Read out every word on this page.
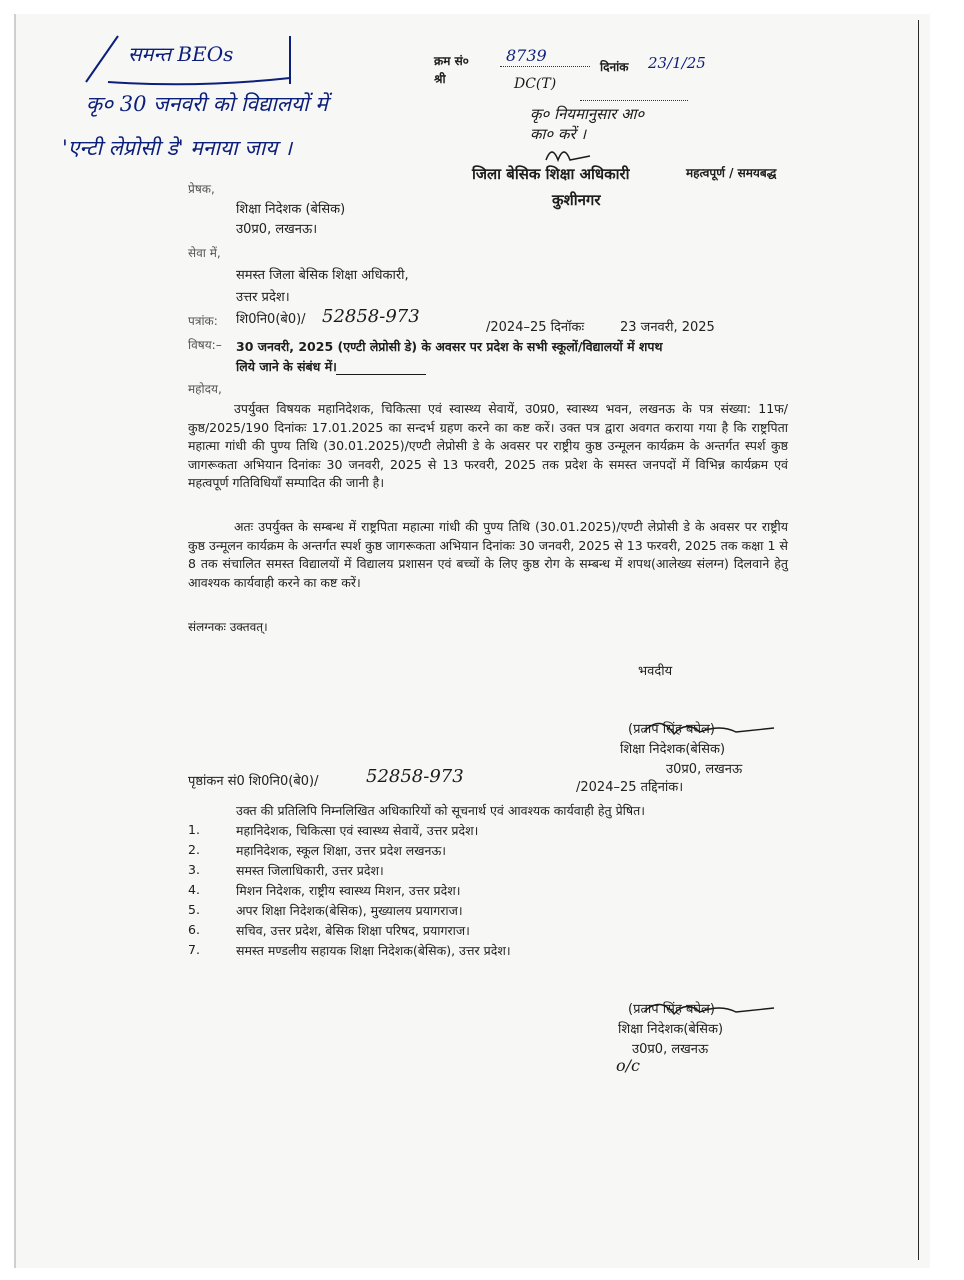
समन्त BEOs
कृ० 30 जनवरी को विद्यालयों में
'एन्टी लेप्रोसी डे' मनाया जाय ।
क्रम सं० 8739
दिनांक 23/1/25
श्री	DC(T)
कृ० नियमानुसार आ०
का० करें ।
जिला बेसिक शिक्षा अधिकारी
कुशीनगर
महत्वपूर्ण / समयबद्ध
प्रेषक,
शिक्षा निदेशक (बेसिक)
उ0प्र0, लखनऊ।
सेवा में,
समस्त जिला बेसिक शिक्षा अधिकारी,
उत्तर प्रदेश।
पत्रांक: शि0नि0(बे0)/ 52858-973
/2024–25 दिनॉकः	23 जनवरी, 2025
विषय:– 30 जनवरी, 2025 (एण्टी लेप्रोसी डे) के अवसर पर प्रदेश के सभी स्कूलों/विद्यालयों में शपथ
लिये जाने के संबंध में।
महोदय,
उपर्युक्त विषयक महानिदेशक, चिकित्सा एवं स्वास्थ्य सेवायें, उ0प्र0, स्वास्थ्य भवन, लखनऊ के पत्र संख्या: 11फ/कुष्ठ/2025/190 दिनांकः 17.01.2025 का सन्दर्भ ग्रहण करने का कष्ट करें। उक्त पत्र द्वारा अवगत कराया गया है कि राष्ट्रपिता महात्मा गांधी की पुण्य तिथि (30.01.2025)/एण्टी लेप्रोसी डे के अवसर पर राष्ट्रीय कुष्ठ उन्मूलन कार्यक्रम के अन्तर्गत स्पर्श कुष्ठ जागरूकता अभियान दिनांकः 30 जनवरी, 2025 से 13 फरवरी, 2025 तक प्रदेश के समस्त जनपदों में विभिन्न कार्यक्रम एवं महत्वपूर्ण गतिविधियाँ सम्पादित की जानी है।
अतः उपर्युक्त के सम्बन्ध में राष्ट्रपिता महात्मा गांधी की पुण्य तिथि (30.01.2025)/एण्टी लेप्रोसी डे के अवसर पर राष्ट्रीय कुष्ठ उन्मूलन कार्यक्रम के अन्तर्गत स्पर्श कुष्ठ जागरूकता अभियान दिनांकः 30 जनवरी, 2025 से 13 फरवरी, 2025 तक कक्षा 1 से 8 तक संचालित समस्त विद्यालयों में विद्यालय प्रशासन एवं बच्चों के लिए कुष्ठ रोग के सम्बन्ध में शपथ(आलेख्य संलग्न) दिलवाने हेतु आवश्यक कार्यवाही करने का कष्ट करें।
संलग्नकः उक्तवत्।
भवदीय
(प्रताप सिंह बघेल)
शिक्षा निदेशक(बेसिक)
उ0प्र0, लखनऊ
पृष्ठांकन सं0 शि0नि0(बे0)/	52858-973
/2024–25 तद्दिनांक।
उक्त की प्रतिलिपि निम्नलिखित अधिकारियों को सूचनार्थ एवं आवश्यक कार्यवाही हेतु प्रेषित।
1.	महानिदेशक, चिकित्सा एवं स्वास्थ्य सेवायें, उत्तर प्रदेश।
2.	महानिदेशक, स्कूल शिक्षा, उत्तर प्रदेश लखनऊ।
3.	समस्त जिलाधिकारी, उत्तर प्रदेश।
4.	मिशन निदेशक, राष्ट्रीय स्वास्थ्य मिशन, उत्तर प्रदेश।
5.	अपर शिक्षा निदेशक(बेसिक), मुख्यालय प्रयागराज।
6.	सचिव, उत्तर प्रदेश, बेसिक शिक्षा परिषद, प्रयागराज।
7.	समस्त मण्डलीय सहायक शिक्षा निदेशक(बेसिक), उत्तर प्रदेश।
(प्रताप सिंह बघेल)
शिक्षा निदेशक(बेसिक)
उ0प्र0, लखनऊ
o/c
